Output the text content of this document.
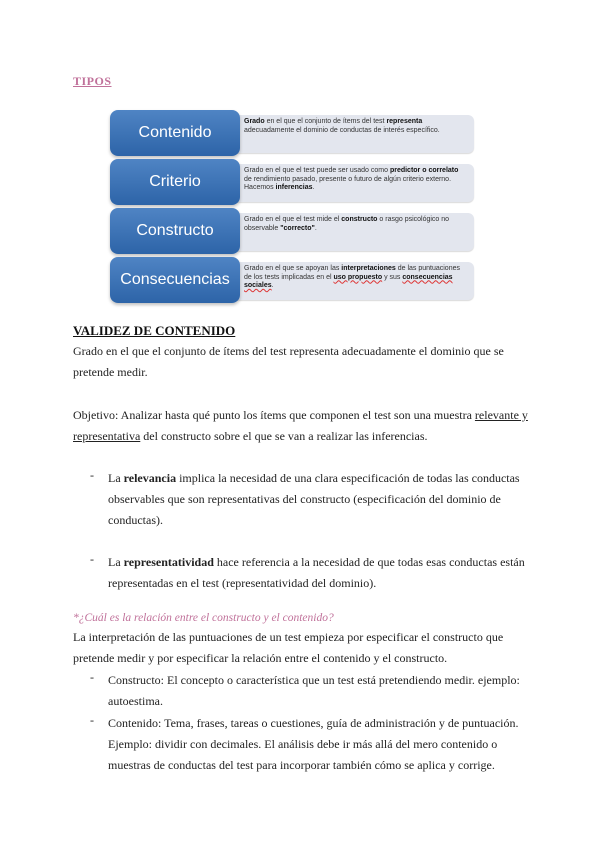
TIPOS
Grado en el que el conjunto de ítems del test representa adecuadamente el dominio de conductas de interés específico.
Contenido
Grado en el que el test puede ser usado como predictor o correlato de rendimiento pasado, presente o futuro de algún criterio externo. Hacemos inferencias.
Criterio
Grado en el que el test mide el constructo o rasgo psicológico no observable "correcto".
Constructo
Grado en el que se apoyan las interpretaciones de las puntuaciones de los tests implicadas en el uso propuesto y sus consecuencias sociales.
Consecuencias
VALIDEZ DE CONTENIDO
Grado en el que el conjunto de ítems del test representa adecuadamente el dominio que se pretende medir.
Objetivo: Analizar hasta qué punto los ítems que componen el test son una muestra relevante y representativa del constructo sobre el que se van a realizar las inferencias.
- La relevancia implica la necesidad de una clara especificación de todas las conductas observables que son representativas del constructo (especificación del dominio de conductas).
- La representatividad hace referencia a la necesidad de que todas esas conductas están representadas en el test (representatividad del dominio).
*¿Cuál es la relación entre el constructo y el contenido?
La interpretación de las puntuaciones de un test empieza por especificar el constructo que pretende medir y por especificar la relación entre el contenido y el constructo.
- Constructo: El concepto o característica que un test está pretendiendo medir. ejemplo: autoestima.
- Contenido: Tema, frases, tareas o cuestiones, guía de administración y de puntuación. Ejemplo: dividir con decimales. El análisis debe ir más allá del mero contenido o muestras de conductas del test para incorporar también cómo se aplica y corrige.
